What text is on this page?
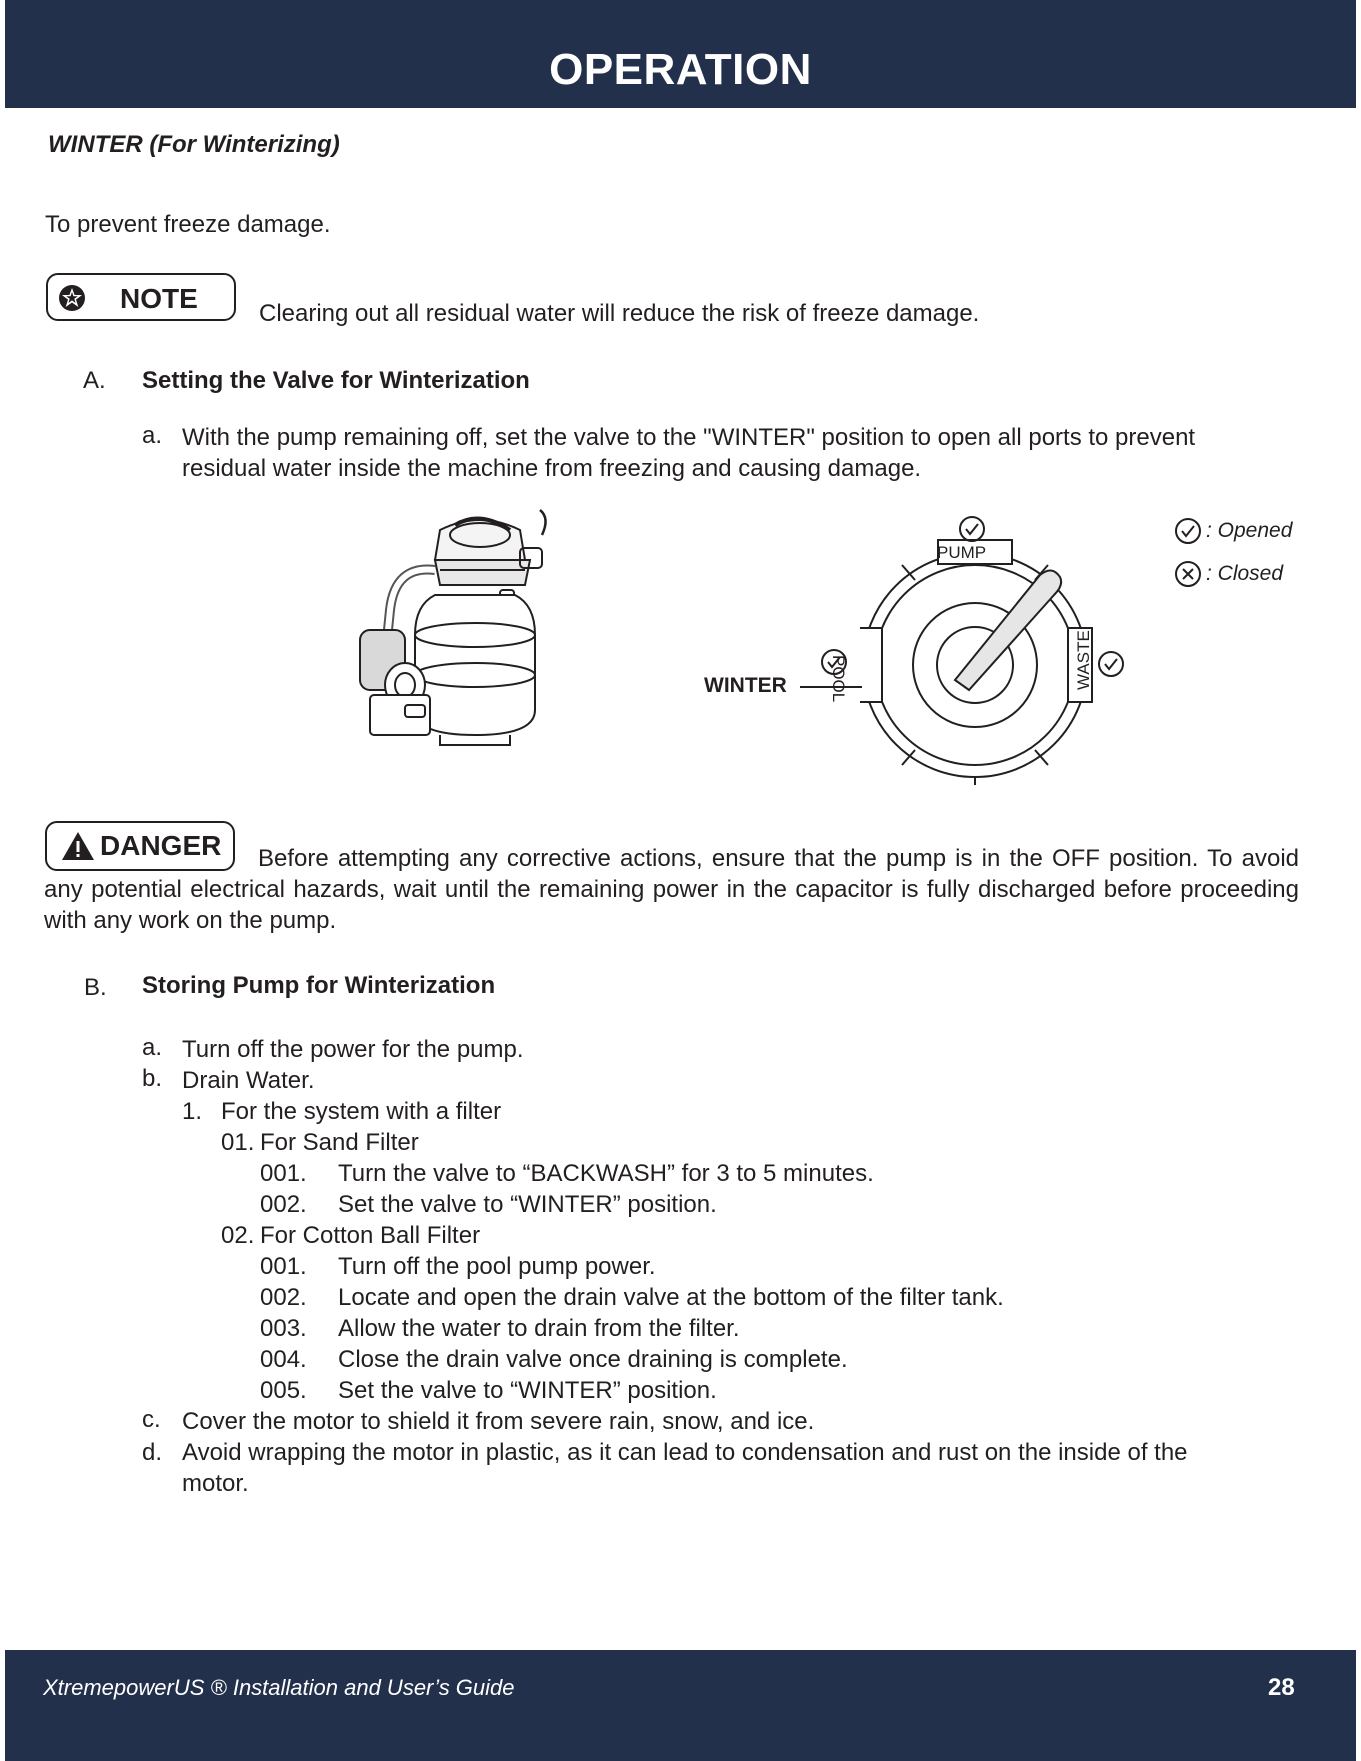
OPERATION
WINTER (For Winterizing)
To prevent freeze damage.
NOTE	Clearing out all residual water will reduce the risk of freeze damage.
A. Setting the Valve for Winterization
a. With the pump remaining off, set the valve to the "WINTER" position to open all ports to prevent
residual water inside the machine from freezing and causing damage.
PUMP
POOL	WASTE
WINTER
: Opened
: Closed
DANGER	Before attempting any corrective actions, ensure that the pump is in the OFF position. To avoid any potential electrical hazards, wait until the remaining power in the capacitor is fully discharged before proceeding with any work on the pump.
B. Storing Pump for Winterization
a. Turn off the power for the pump.
b. Drain Water.
1. For the system with a filter
01. For Sand Filter
001. Turn the valve to “BACKWASH” for 3 to 5 minutes.
002. Set the valve to “WINTER” position.
02. For Cotton Ball Filter
001. Turn off the pool pump power.
002. Locate and open the drain valve at the bottom of the filter tank.
003. Allow the water to drain from the filter.
004. Close the drain valve once draining is complete.
005. Set the valve to “WINTER” position.
c. Cover the motor to shield it from severe rain, snow, and ice.
d. Avoid wrapping the motor in plastic, as it can lead to condensation and rust on the inside of the
motor.
XtremepowerUS ® Installation and User’s Guide	28
